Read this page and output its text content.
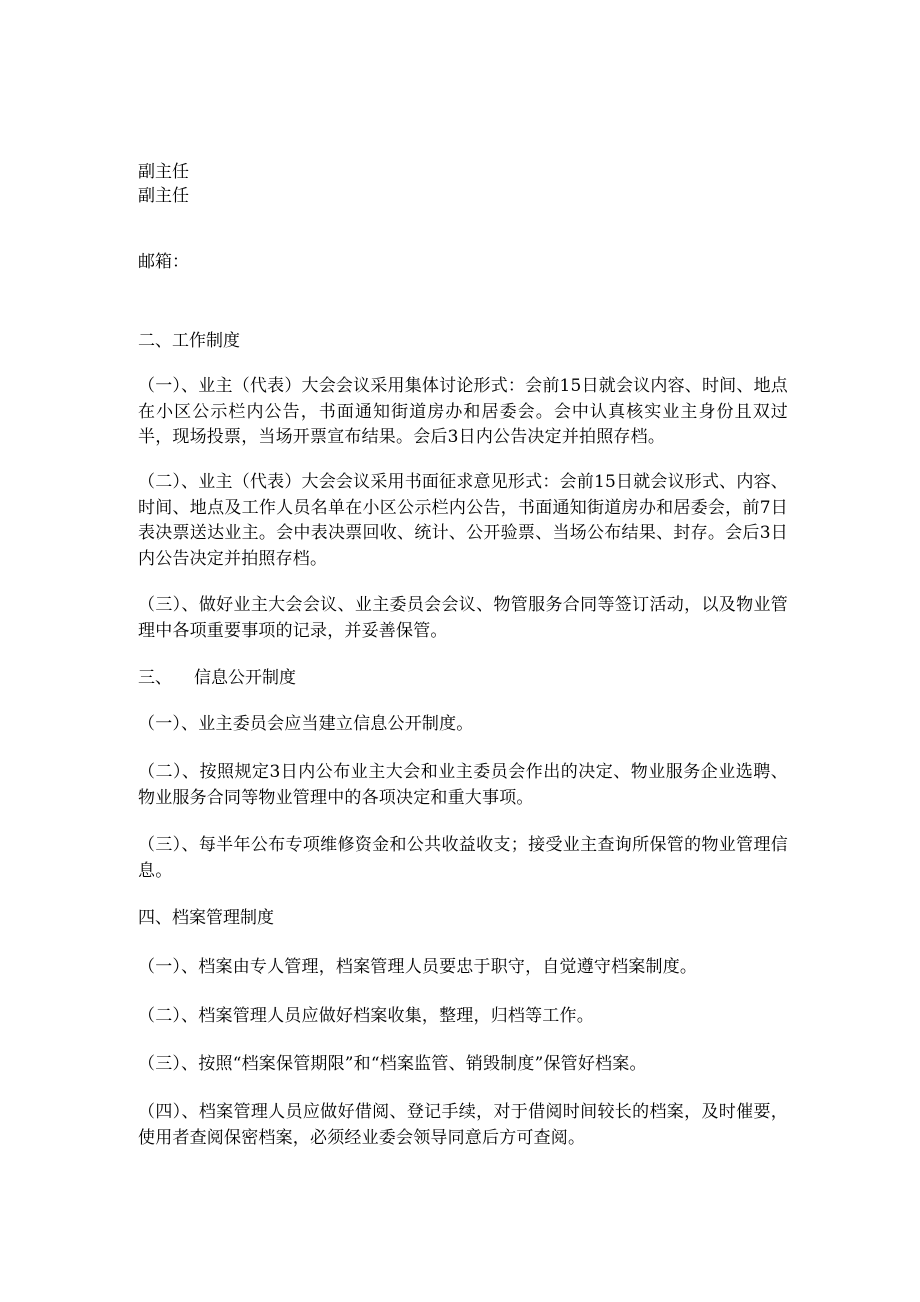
副主任
副主任
邮箱：
二、工作制度
（一）、业主（代表）大会会议采用集体讨论形式：会前15日就会议内容、时间、地点在小区公示栏内公告，书面通知街道房办和居委会。会中认真核实业主身份且双过半，现场投票，当场开票宣布结果。会后3日内公告决定并拍照存档。
（二）、业主（代表）大会会议采用书面征求意见形式：会前15日就会议形式、内容、时间、地点及工作人员名单在小区公示栏内公告，书面通知街道房办和居委会，前7日表决票送达业主。会中表决票回收、统计、公开验票、当场公布结果、封存。会后3日内公告决定并拍照存档。
（三）、做好业主大会会议、业主委员会会议、物管服务合同等签订活动，以及物业管理中各项重要事项的记录，并妥善保管。
三、 信息公开制度
（一）、业主委员会应当建立信息公开制度。
（二）、按照规定3日内公布业主大会和业主委员会作出的决定、物业服务企业选聘、物业服务合同等物业管理中的各项决定和重大事项。
（三）、每半年公布专项维修资金和公共收益收支；接受业主查询所保管的物业管理信息。
四、档案管理制度
（一）、档案由专人管理，档案管理人员要忠于职守，自觉遵守档案制度。
（二）、档案管理人员应做好档案收集，整理，归档等工作。
（三）、按照“档案保管期限”和“档案监管、销毁制度”保管好档案。
（四）、档案管理人员应做好借阅、登记手续，对于借阅时间较长的档案，及时催要，使用者查阅保密档案，必须经业委会领导同意后方可查阅。
